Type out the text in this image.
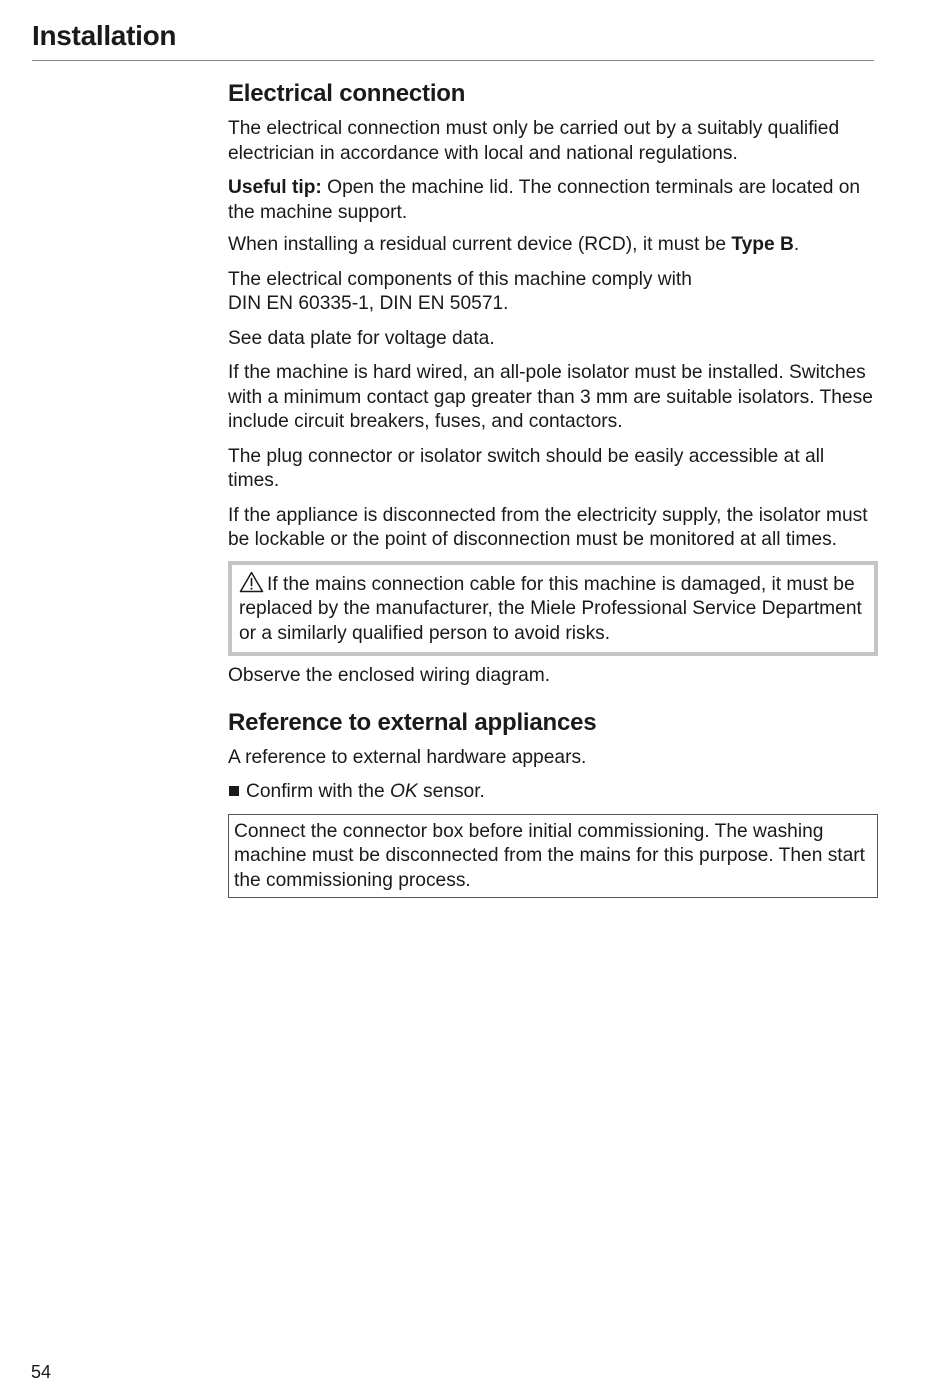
Installation
Electrical connection

The electrical connection must only be carried out by a suitably qualified electrician in accordance with local and national regulations.

Useful tip: Open the machine lid. The connection terminals are located on the machine support.

When installing a residual current device (RCD), it must be Type B.

The electrical components of this machine comply with
DIN EN 60335-1, DIN EN 50571.

See data plate for voltage data.

If the machine is hard wired, an all-pole isolator must be installed. Switches with a minimum contact gap greater than 3 mm are suitable isolators. These include circuit breakers, fuses, and contactors.

The plug connector or isolator switch should be easily accessible at all times.

If the appliance is disconnected from the electricity supply, the isolator must be lockable or the point of disconnection must be monitored at all times.

If the mains connection cable for this machine is damaged, it must be replaced by the manufacturer, the Miele Professional Service Department or a similarly qualified person to avoid risks.

Observe the enclosed wiring diagram.

Reference to external appliances

A reference to external hardware appears.

Confirm with the OK sensor.
Connect the connector box before initial commissioning. The washing machine must be disconnected from the mains for this purpose. Then start the commissioning process.
54
